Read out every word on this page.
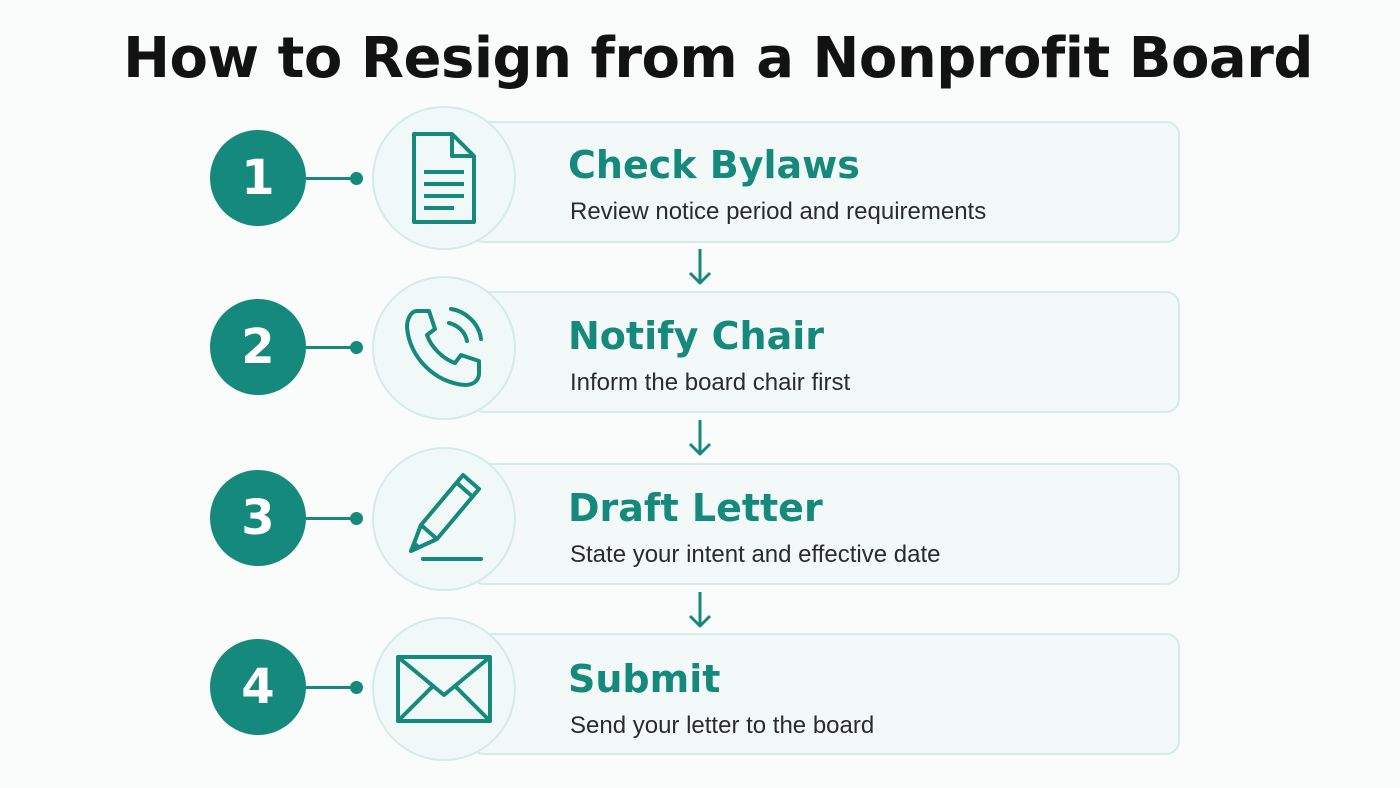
How to Resign from a Nonprofit Board
1	Check Bylaws
Review notice period and requirements
2	Notify Chair
Inform the board chair first
3	Draft Letter
State your intent and effective date
4	Submit
Send your letter to the board
